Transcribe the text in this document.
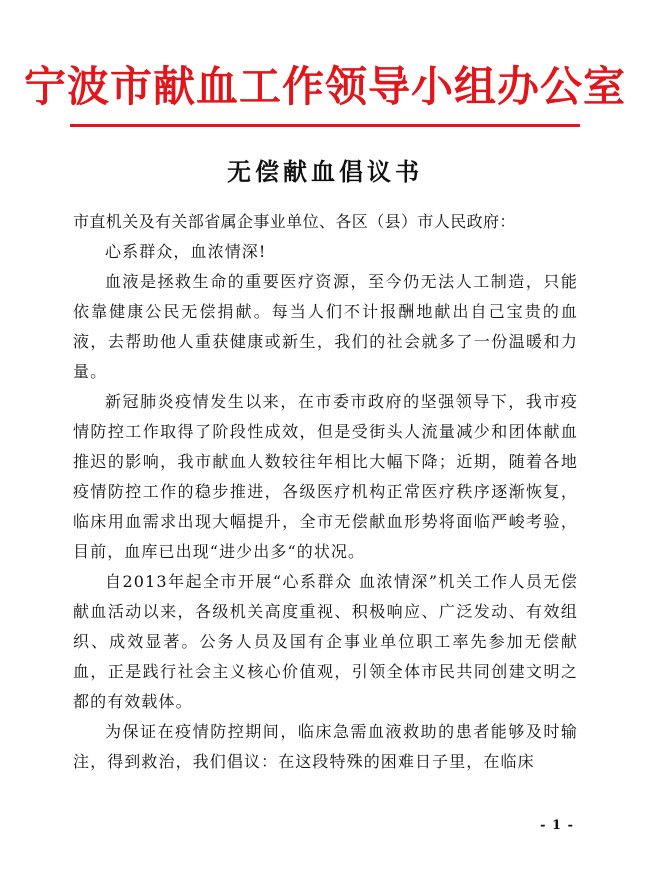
宁波市献血工作领导小组办公室
无偿献血倡议书

市直机关及有关部省属企事业单位、各区（县）市人民政府：

心系群众，血浓情深!

血液是拯救生命的重要医疗资源，至今仍无法人工制造，只能依靠健康公民无偿捐献。每当人们不计报酬地献出自己宝贵的血液，去帮助他人重获健康或新生，我们的社会就多了一份温暖和力量。

新冠肺炎疫情发生以来，在市委市政府的坚强领导下，我市疫情防控工作取得了阶段性成效，但是受街头人流量减少和团体献血推迟的影响，我市献血人数较往年相比大幅下降；近期，随着各地疫情防控工作的稳步推进，各级医疗机构正常医疗秩序逐渐恢复，临床用血需求出现大幅提升，全市无偿献血形势将面临严峻考验，目前，血库已出现“进少出多“的状况。

自2013年起全市开展“心系群众 血浓情深”机关工作人员无偿献血活动以来，各级机关高度重视、积极响应、广泛发动、有效组织、成效显著。公务人员及国有企事业单位职工率先参加无偿献血，正是践行社会主义核心价值观，引领全体市民共同创建文明之都的有效载体。

为保证在疫情防控期间，临床急需血液救助的患者能够及时输注，得到救治，我们倡议：在这段特殊的困难日子里，在临床

- 1 -
